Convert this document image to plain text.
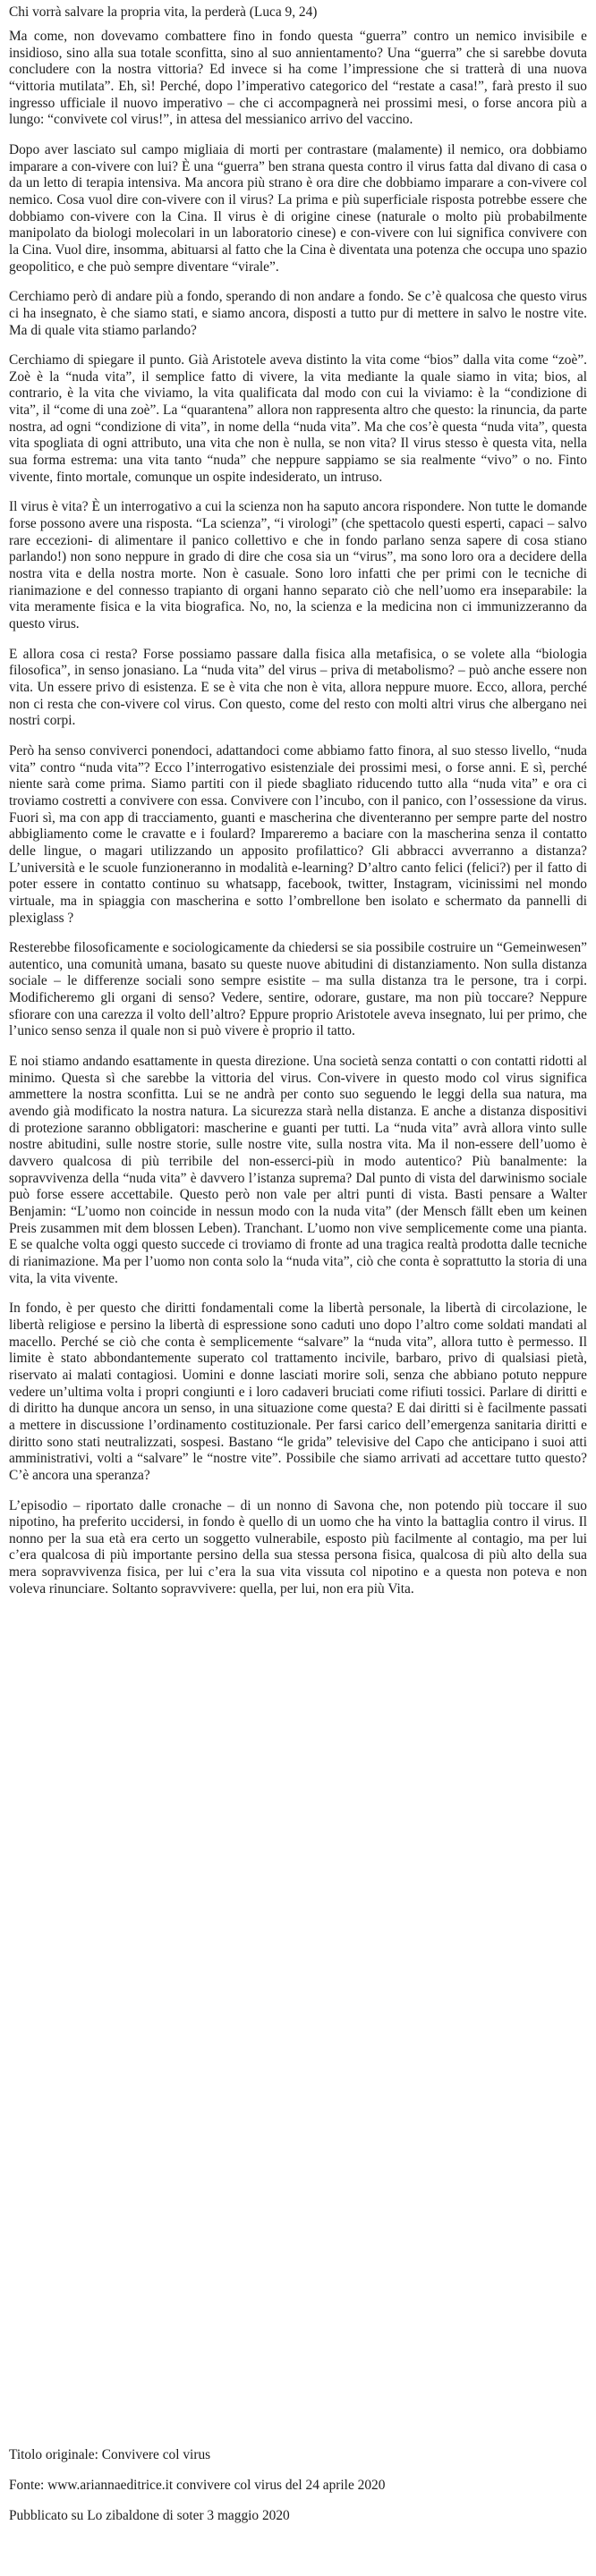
Chi vorrà salvare la propria vita, la perderà (Luca 9, 24)

Ma come, non dovevamo combattere fino in fondo questa “guerra” contro un nemico invisibile e insidioso, sino alla sua totale sconfitta, sino al suo annientamento? Una “guerra” che si sarebbe dovuta concludere con la nostra vittoria? Ed invece si ha come l’impressione che si tratterà di una nuova “vittoria mutilata”. Eh, sì! Perché, dopo l’imperativo categorico del “restate a casa!”, farà presto il suo ingresso ufficiale il nuovo imperativo – che ci accompagnerà nei prossimi mesi, o forse ancora più a lungo: “convivete col virus!”, in attesa del messianico arrivo del vaccino.

Dopo aver lasciato sul campo migliaia di morti per contrastare (malamente) il nemico, ora dobbiamo imparare a con-vivere con lui? È una “guerra” ben strana questa contro il virus fatta dal divano di casa o da un letto di terapia intensiva. Ma ancora più strano è ora dire che dobbiamo imparare a con-vivere col nemico. Cosa vuol dire con-vivere con il virus? La prima e più superficiale risposta potrebbe essere che dobbiamo con-vivere con la Cina. Il virus è di origine cinese (naturale o molto più probabilmente manipolato da biologi molecolari in un laboratorio cinese) e con-vivere con lui significa convivere con la Cina. Vuol dire, insomma, abituarsi al fatto che la Cina è diventata una potenza che occupa uno spazio geopolitico, e che può sempre diventare “virale”.

Cerchiamo però di andare più a fondo, sperando di non andare a fondo. Se c’è qualcosa che questo virus ci ha insegnato, è che siamo stati, e siamo ancora, disposti a tutto pur di mettere in salvo le nostre vite. Ma di quale vita stiamo parlando?

Cerchiamo di spiegare il punto. Già Aristotele aveva distinto la vita come “bios” dalla vita come “zoè”. Zoè è la “nuda vita”, il semplice fatto di vivere, la vita mediante la quale siamo in vita; bios, al contrario, è la vita che viviamo, la vita qualificata dal modo con cui la viviamo: è la “condizione di vita”, il “come di una zoè”. La “quarantena” allora non rappresenta altro che questo: la rinuncia, da parte nostra, ad ogni “condizione di vita”, in nome della “nuda vita”. Ma che cos’è questa “nuda vita”, questa vita spogliata di ogni attributo, una vita che non è nulla, se non vita? Il virus stesso è questa vita, nella sua forma estrema: una vita tanto “nuda” che neppure sappiamo se sia realmente “vivo” o no. Finto vivente, finto mortale, comunque un ospite indesiderato, un intruso.

Il virus è vita? È un interrogativo a cui la scienza non ha saputo ancora rispondere. Non tutte le domande forse possono avere una risposta. “La scienza”, “i virologi” (che spettacolo questi esperti, capaci – salvo rare eccezioni- di alimentare il panico collettivo e che in fondo parlano senza sapere di cosa stiano parlando!) non sono neppure in grado di dire che cosa sia un “virus”, ma sono loro ora a decidere della nostra vita e della nostra morte. Non è casuale. Sono loro infatti che per primi con le tecniche di rianimazione e del connesso trapianto di organi hanno separato ciò che nell’uomo era inseparabile: la vita meramente fisica e la vita biografica. No, no, la scienza e la medicina non ci immunizzeranno da questo virus.

E allora cosa ci resta? Forse possiamo passare dalla fisica alla metafisica, o se volete alla “biologia filosofica”, in senso jonasiano. La “nuda vita” del virus – priva di metabolismo? – può anche essere non vita. Un essere privo di esistenza. E se è vita che non è vita, allora neppure muore. Ecco, allora, perché non ci resta che con-vivere col virus. Con questo, come del resto con molti altri virus che albergano nei nostri corpi.

Però ha senso conviverci ponendoci, adattandoci come abbiamo fatto finora, al suo stesso livello, “nuda vita” contro “nuda vita”? Ecco l’interrogativo esistenziale dei prossimi mesi, o forse anni. E sì, perché niente sarà come prima. Siamo partiti con il piede sbagliato riducendo tutto alla “nuda vita” e ora ci troviamo costretti a convivere con essa. Convivere con l’incubo, con il panico, con l’ossessione da virus. Fuori sì, ma con app di tracciamento, guanti e mascherina che diventeranno per sempre parte del nostro abbigliamento come le cravatte e i foulard? Impareremo a baciare con la mascherina senza il contatto delle lingue, o magari utilizzando un apposito profilattico? Gli abbracci avverranno a distanza? L’università e le scuole funzioneranno in modalità e-learning? D’altro canto felici (felici?) per il fatto di poter essere in contatto continuo su whatsapp, facebook, twitter, Instagram, vicinissimi nel mondo virtuale, ma in spiaggia con mascherina e sotto l’ombrellone ben isolato e schermato da pannelli di plexiglass ?

Resterebbe filosoficamente e sociologicamente da chiedersi se sia possibile costruire un “Gemeinwesen” autentico, una comunità umana, basato su queste nuove abitudini di distanziamento. Non sulla distanza sociale – le differenze sociali sono sempre esistite – ma sulla distanza tra le persone, tra i corpi. Modificheremo gli organi di senso? Vedere, sentire, odorare, gustare, ma non più toccare? Neppure sfiorare con una carezza il volto dell’altro? Eppure proprio Aristotele aveva insegnato, lui per primo, che l’unico senso senza il quale non si può vivere è proprio il tatto.

E noi stiamo andando esattamente in questa direzione. Una società senza contatti o con contatti ridotti al minimo. Questa sì che sarebbe la vittoria del virus. Con-vivere in questo modo col virus significa ammettere la nostra sconfitta. Lui se ne andrà per conto suo seguendo le leggi della sua natura, ma avendo già modificato la nostra natura. La sicurezza starà nella distanza. E anche a distanza dispositivi di protezione saranno obbligatori: mascherine e guanti per tutti. La “nuda vita” avrà allora vinto sulle nostre abitudini, sulle nostre storie, sulle nostre vite, sulla nostra vita. Ma il non-essere dell’uomo è davvero qualcosa di più terribile del non-esserci-più in modo autentico? Più banalmente: la sopravvivenza della “nuda vita” è davvero l’istanza suprema? Dal punto di vista del darwinismo sociale può forse essere accettabile. Questo però non vale per altri punti di vista. Basti pensare a Walter Benjamin: “L’uomo non coincide in nessun modo con la nuda vita” (der Mensch fällt eben um keinen Preis zusammen mit dem blossen Leben). Tranchant. L’uomo non vive semplicemente come una pianta. E se qualche volta oggi questo succede ci troviamo di fronte ad una tragica realtà prodotta dalle tecniche di rianimazione. Ma per l’uomo non conta solo la “nuda vita”, ciò che conta è soprattutto la storia di una vita, la vita vivente.

In fondo, è per questo che diritti fondamentali come la libertà personale, la libertà di circolazione, le libertà religiose e persino la libertà di espressione sono caduti uno dopo l’altro come soldati mandati al macello. Perché se ciò che conta è semplicemente “salvare” la “nuda vita”, allora tutto è permesso. Il limite è stato abbondantemente superato col trattamento incivile, barbaro, privo di qualsiasi pietà, riservato ai malati contagiosi. Uomini e donne lasciati morire soli, senza che abbiano potuto neppure vedere un’ultima volta i propri congiunti e i loro cadaveri bruciati come rifiuti tossici. Parlare di diritti e di diritto ha dunque ancora un senso, in una situazione come questa? E dai diritti si è facilmente passati a mettere in discussione l’ordinamento costituzionale. Per farsi carico dell’emergenza sanitaria diritti e diritto sono stati neutralizzati, sospesi. Bastano “le grida” televisive del Capo che anticipano i suoi atti amministrativi, volti a “salvare” le “nostre vite”. Possibile che siamo arrivati ad accettare tutto questo? C’è ancora una speranza?

L’episodio – riportato dalle cronache – di un nonno di Savona che, non potendo più toccare il suo nipotino, ha preferito uccidersi, in fondo è quello di un uomo che ha vinto la battaglia contro il virus. Il nonno per la sua età era certo un soggetto vulnerabile, esposto più facilmente al contagio, ma per lui c’era qualcosa di più importante persino della sua stessa persona fisica, qualcosa di più alto della sua mera sopravvivenza fisica, per lui c’era la sua vita vissuta col nipotino e a questa non poteva e non voleva rinunciare. Soltanto sopravvivere: quella, per lui, non era più Vita.

Titolo originale: Convivere col virus

Fonte: www.ariannaeditrice.it convivere col virus del 24 aprile 2020

Pubblicato su Lo zibaldone di soter 3 maggio 2020
